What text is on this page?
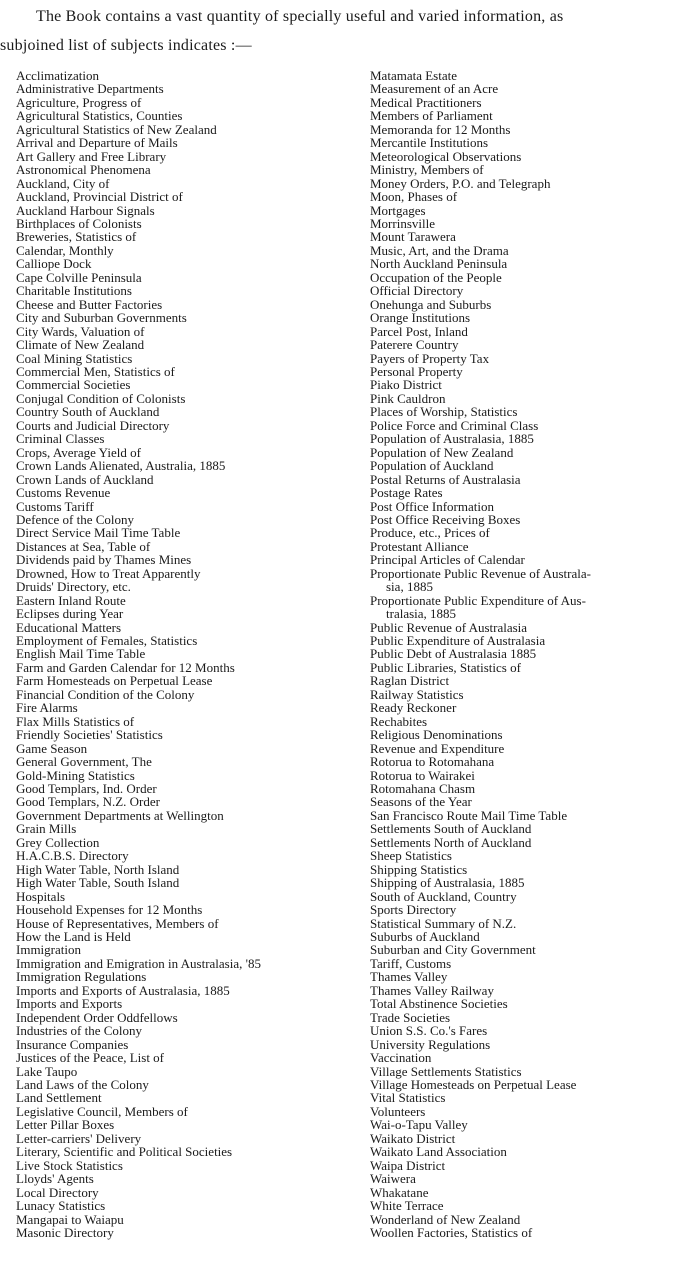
The Book contains a vast quantity of specially useful and varied information, as
subjoined list of subjects indicates :—
Acclimatization
Administrative Departments
Agriculture, Progress of
Agricultural Statistics, Counties
Agricultural Statistics of New Zealand
Arrival and Departure of Mails
Art Gallery and Free Library
Astronomical Phenomena
Auckland, City of
Auckland, Provincial District of
Auckland Harbour Signals
Birthplaces of Colonists
Breweries, Statistics of
Calendar, Monthly
Calliope Dock
Cape Colville Peninsula
Charitable Institutions
Cheese and Butter Factories
City and Suburban Governments
City Wards, Valuation of
Climate of New Zealand
Coal Mining Statistics
Commercial Men, Statistics of
Commercial Societies
Conjugal Condition of Colonists
Country South of Auckland
Courts and Judicial Directory
Criminal Classes
Crops, Average Yield of
Crown Lands Alienated, Australia, 1885
Crown Lands of Auckland
Customs Revenue
Customs Tariff
Defence of the Colony
Direct Service Mail Time Table
Distances at Sea, Table of
Dividends paid by Thames Mines
Drowned, How to Treat Apparently
Druids' Directory, etc.
Eastern Inland Route
Eclipses during Year
Educational Matters
Employment of Females, Statistics
English Mail Time Table
Farm and Garden Calendar for 12 Months
Farm Homesteads on Perpetual Lease
Financial Condition of the Colony
Fire Alarms
Flax Mills Statistics of
Friendly Societies' Statistics
Game Season
General Government, The
Gold-Mining Statistics
Good Templars, Ind. Order
Good Templars, N.Z. Order
Government Departments at Wellington
Grain Mills
Grey Collection
H.A.C.B.S. Directory
High Water Table, North Island
High Water Table, South Island
Hospitals
Household Expenses for 12 Months
House of Representatives, Members of
How the Land is Held
Immigration
Immigration and Emigration in Australasia, '85
Immigration Regulations
Imports and Exports of Australasia, 1885
Imports and Exports
Independent Order Oddfellows
Industries of the Colony
Insurance Companies
Justices of the Peace, List of
Lake Taupo
Land Laws of the Colony
Land Settlement
Legislative Council, Members of
Letter Pillar Boxes
Letter-carriers' Delivery
Literary, Scientific and Political Societies
Live Stock Statistics
Lloyds' Agents
Local Directory
Lunacy Statistics
Mangapai to Waiapu
Masonic Directory
Matamata Estate
Measurement of an Acre
Medical Practitioners
Members of Parliament
Memoranda for 12 Months
Mercantile Institutions
Meteorological Observations
Ministry, Members of
Money Orders, P.O. and Telegraph
Moon, Phases of
Mortgages
Morrinsville
Mount Tarawera
Music, Art, and the Drama
North Auckland Peninsula
Occupation of the People
Official Directory
Onehunga and Suburbs
Orange Institutions
Parcel Post, Inland
Paterere Country
Payers of Property Tax
Personal Property
Piako District
Pink Cauldron
Places of Worship, Statistics
Police Force and Criminal Class
Population of Australasia, 1885
Population of New Zealand
Population of Auckland
Postal Returns of Australasia
Postage Rates
Post Office Information
Post Office Receiving Boxes
Produce, etc., Prices of
Protestant Alliance
Principal Articles of Calendar
Proportionate Public Revenue of Australa-
sia, 1885
Proportionate Public Expenditure of Aus-
tralasia, 1885
Public Revenue of Australasia
Public Expenditure of Australasia
Public Debt of Australasia 1885
Public Libraries, Statistics of
Raglan District
Railway Statistics
Ready Reckoner
Rechabites
Religious Denominations
Revenue and Expenditure
Rotorua to Rotomahana
Rotorua to Wairakei
Rotomahana Chasm
Seasons of the Year
San Francisco Route Mail Time Table
Settlements South of Auckland
Settlements North of Auckland
Sheep Statistics
Shipping Statistics
Shipping of Australasia, 1885
South of Auckland, Country
Sports Directory
Statistical Summary of N.Z.
Suburbs of Auckland
Suburban and City Government
Tariff, Customs
Thames Valley
Thames Valley Railway
Total Abstinence Societies
Trade Societies
Union S.S. Co.'s Fares
University Regulations
Vaccination
Village Settlements Statistics
Village Homesteads on Perpetual Lease
Vital Statistics
Volunteers
Wai-o-Tapu Valley
Waikato District
Waikato Land Association
Waipa District
Waiwera
Whakatane
White Terrace
Wonderland of New Zealand
Woollen Factories, Statistics of
